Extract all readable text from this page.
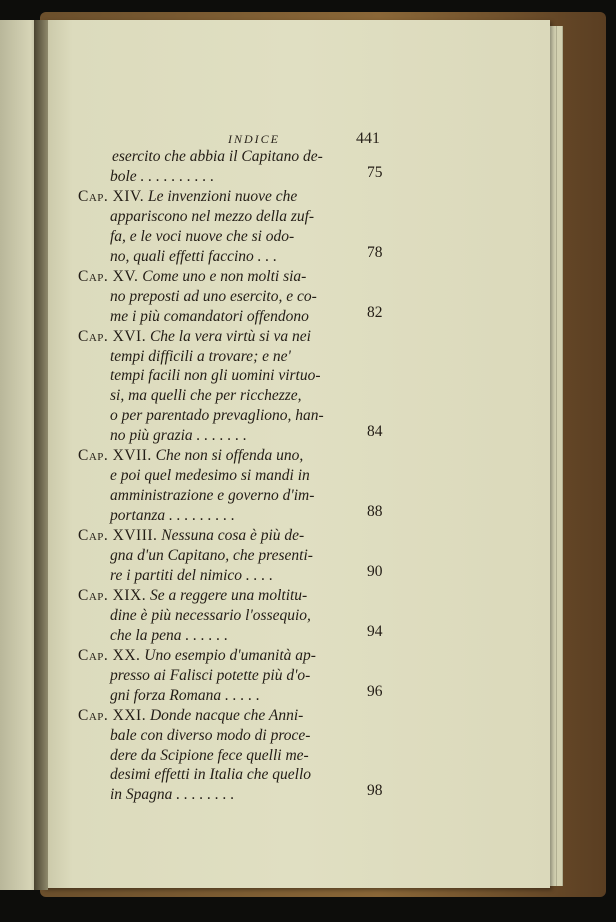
INDICE	441
esercito che abbia il Capitano de-
bole . . . . . . . . . .	75
Cap. XIV. Le invenzioni nuove che
appariscono nel mezzo della zuf-
fa, e le voci nuove che si odo-
no, quali effetti faccino . . .	78
Cap. XV. Come uno e non molti sia-
no preposti ad uno esercito, e co-
me i più comandatori offendono	82
Cap. XVI. Che la vera virtù si va nei
tempi difficili a trovare; e ne'
tempi facili non gli uomini virtuo-
si, ma quelli che per ricchezze,
o per parentado prevagliono, han-
no più grazia . . . . . . .	84
Cap. XVII. Che non si offenda uno,
e poi quel medesimo si mandi in
amministrazione e governo d'im-
portanza . . . . . . . . .	88
Cap. XVIII. Nessuna cosa è più de-
gna d'un Capitano, che presenti-
re i partiti del nimico . . . .	90
Cap. XIX. Se a reggere una moltitu-
dine è più necessario l'ossequio,
che la pena . . . . . .	94
Cap. XX. Uno esempio d'umanità ap-
presso ai Falisci potette più d'o-
gni forza Romana . . . . .	96
Cap. XXI. Donde nacque che Anni-
bale con diverso modo di proce-
dere da Scipione fece quelli me-
desimi effetti in Italia che quello
in Spagna . . . . . . . .	98
